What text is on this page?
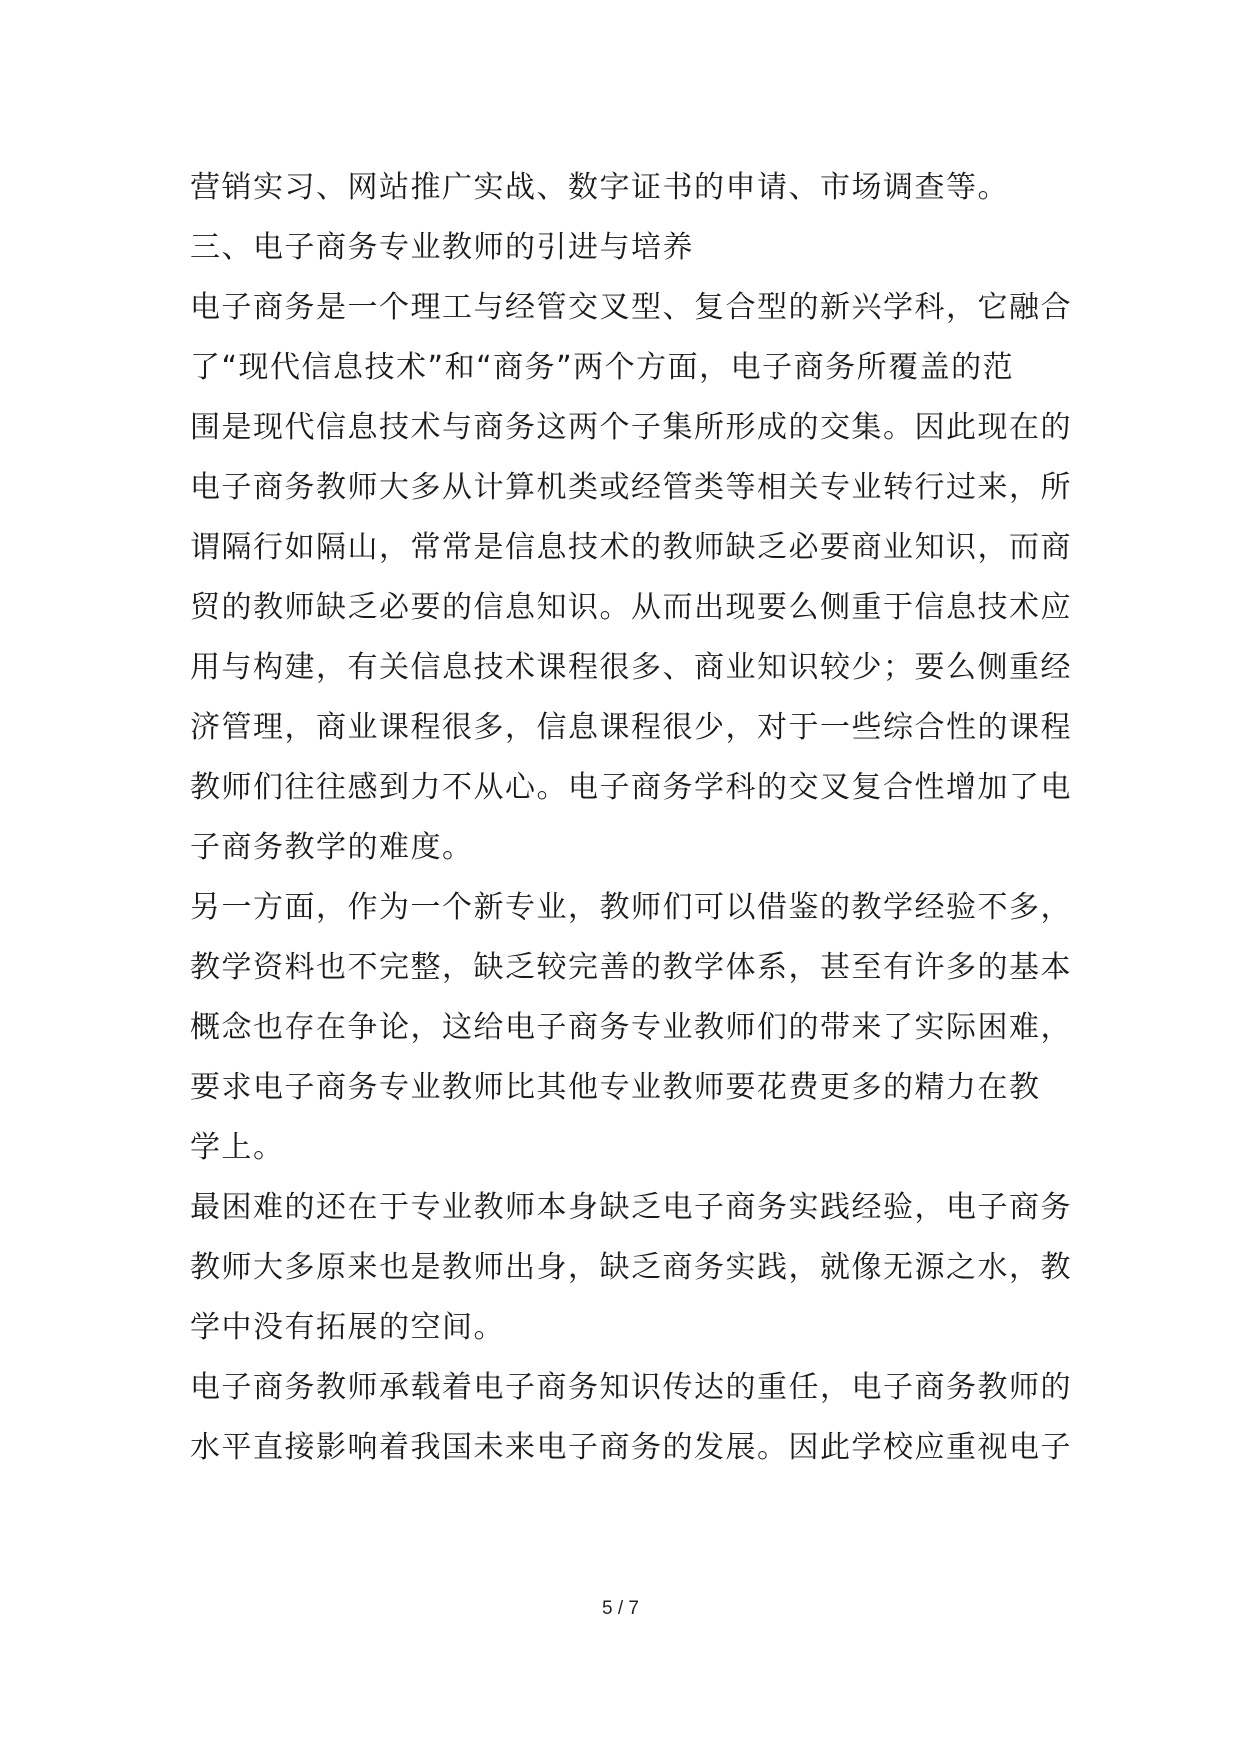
营销实习、网站推广实战、数字证书的申请、市场调查等。
三、电子商务专业教师的引进与培养
电子商务是一个理工与经管交叉型、复合型的新兴学科，它融合
了“现代信息技术”和“商务”两个方面，电子商务所覆盖的范
围是现代信息技术与商务这两个子集所形成的交集。因此现在的
电子商务教师大多从计算机类或经管类等相关专业转行过来，所
谓隔行如隔山，常常是信息技术的教师缺乏必要商业知识，而商
贸的教师缺乏必要的信息知识。从而出现要么侧重于信息技术应
用与构建，有关信息技术课程很多、商业知识较少；要么侧重经
济管理，商业课程很多，信息课程很少，对于一些综合性的课程
教师们往往感到力不从心。电子商务学科的交叉复合性增加了电
子商务教学的难度。
另一方面，作为一个新专业，教师们可以借鉴的教学经验不多，
教学资料也不完整，缺乏较完善的教学体系，甚至有许多的基本
概念也存在争论，这给电子商务专业教师们的带来了实际困难，
要求电子商务专业教师比其他专业教师要花费更多的精力在教
学上。
最困难的还在于专业教师本身缺乏电子商务实践经验，电子商务
教师大多原来也是教师出身，缺乏商务实践，就像无源之水，教
学中没有拓展的空间。
电子商务教师承载着电子商务知识传达的重任，电子商务教师的
水平直接影响着我国未来电子商务的发展。因此学校应重视电子
5 / 7
